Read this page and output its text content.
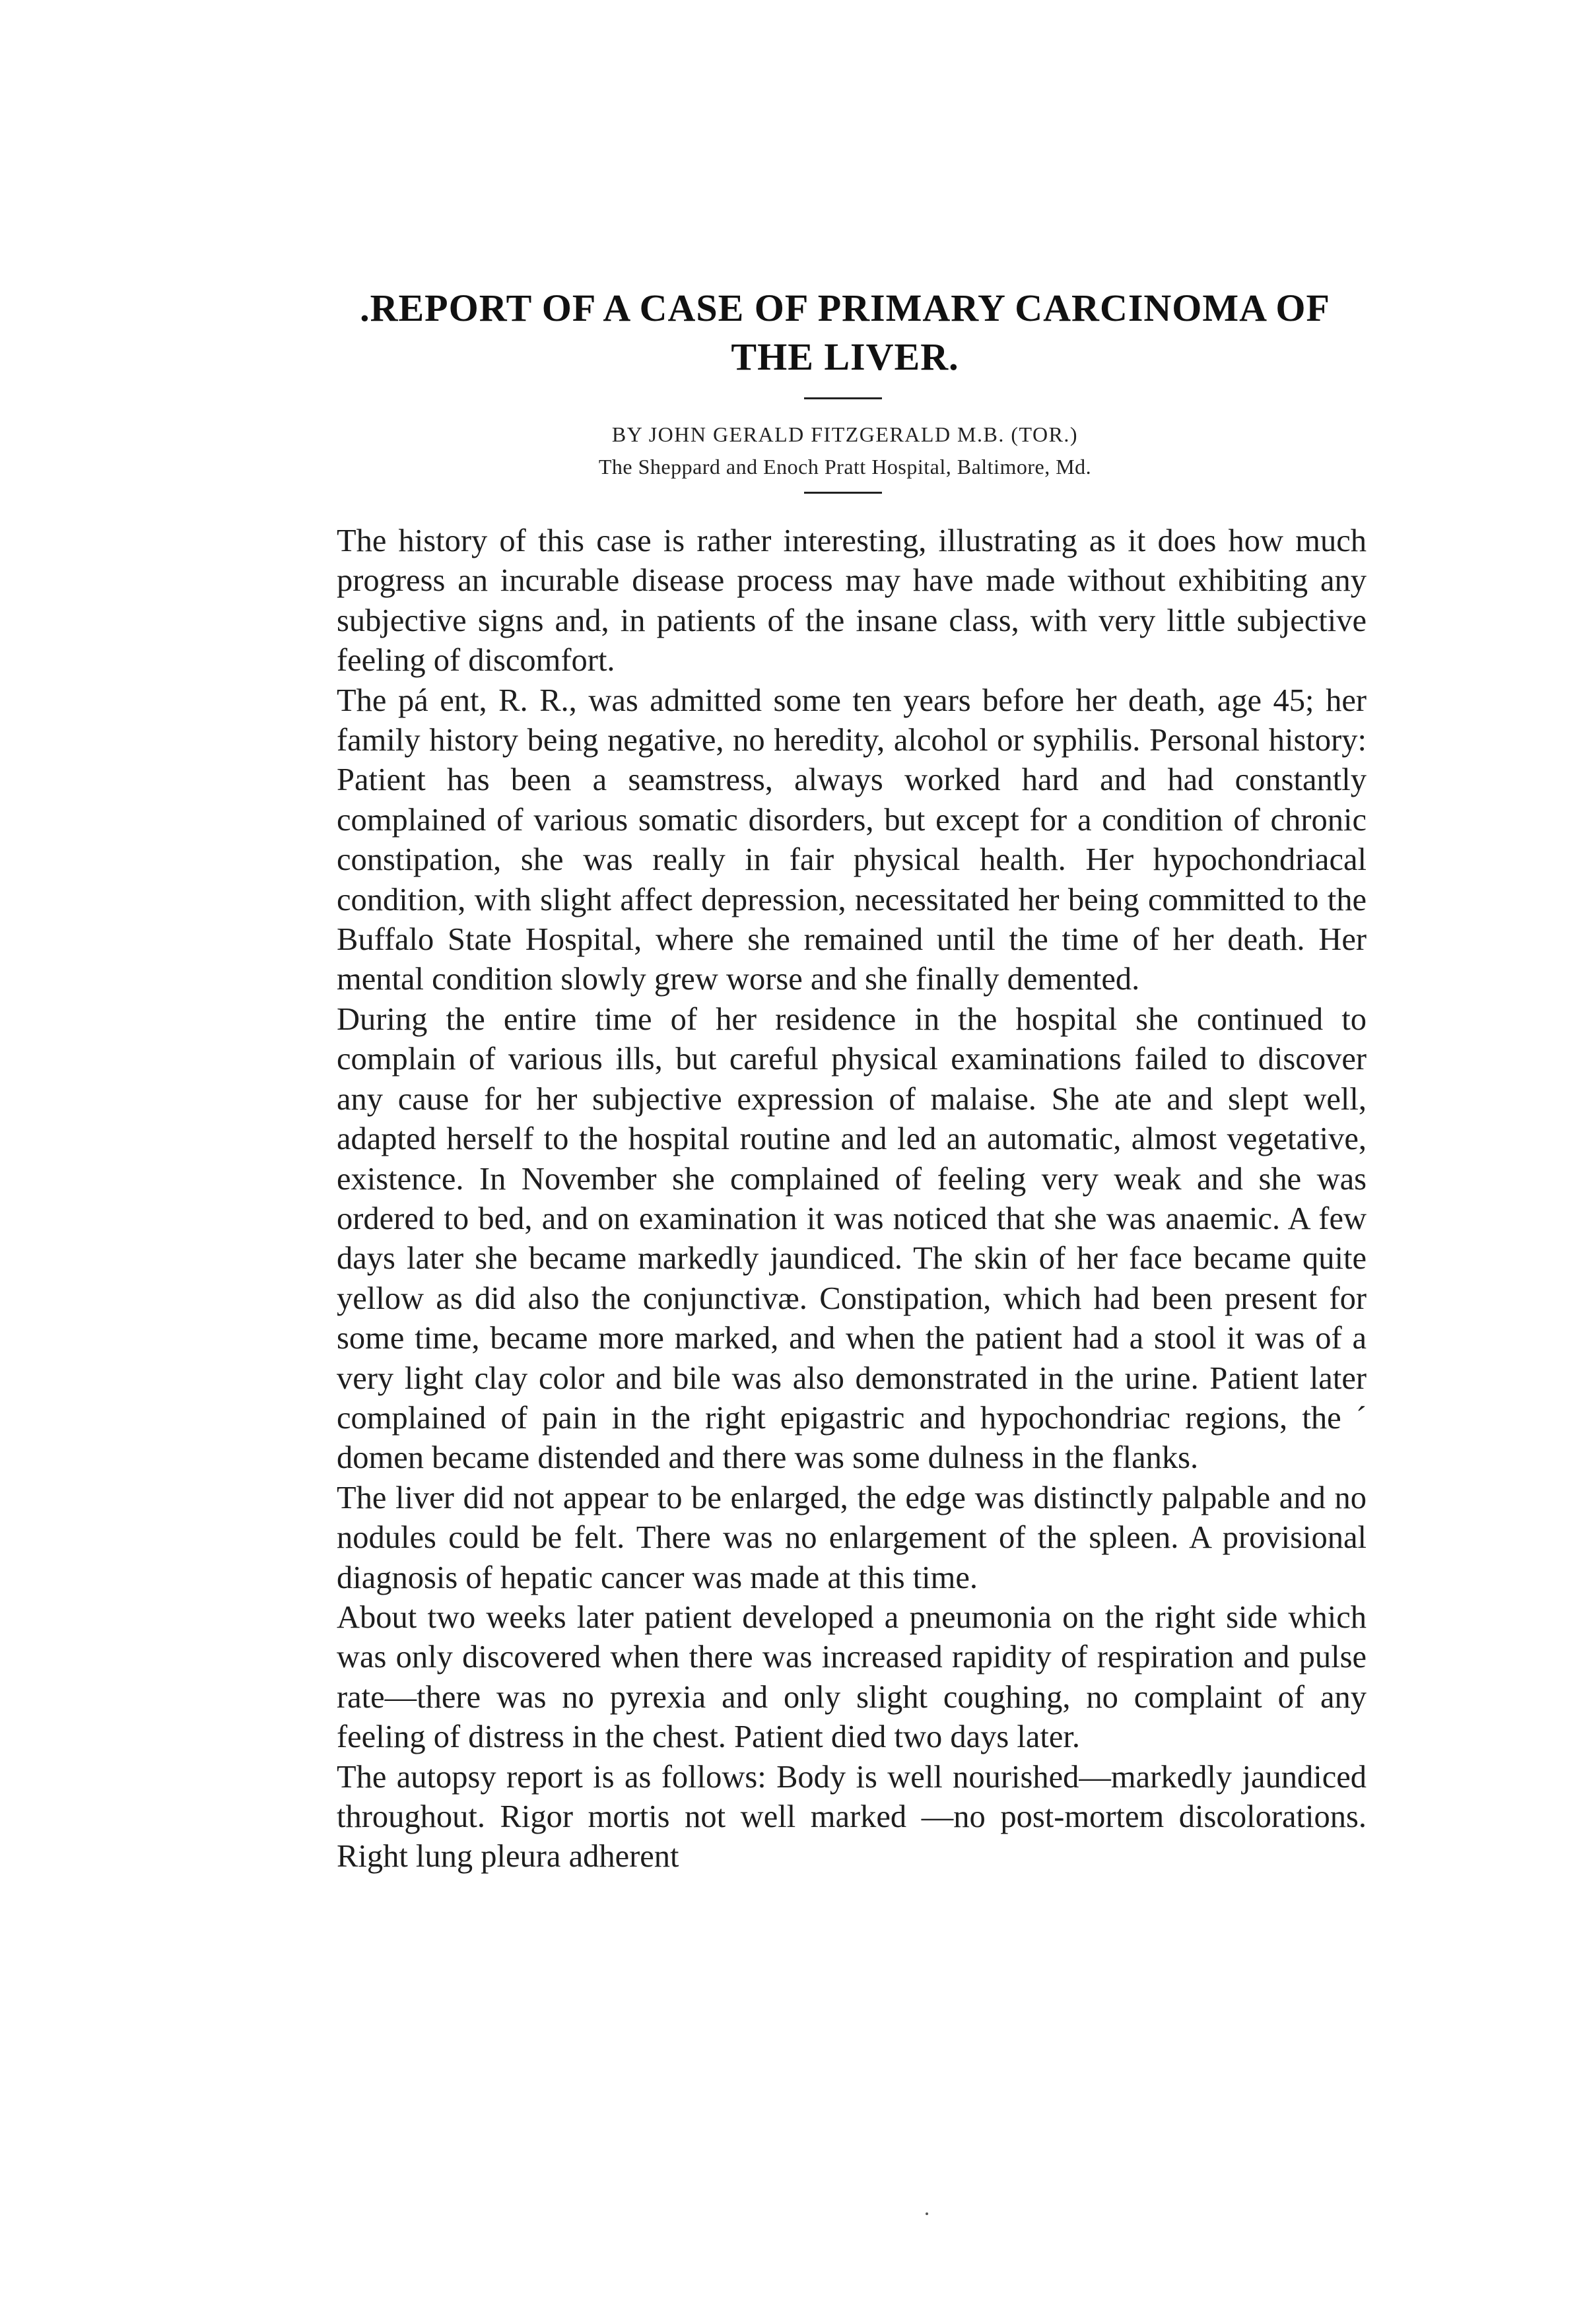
.REPORT OF A CASE OF PRIMARY CARCINOMA OF
THE LIVER.
BY JOHN GERALD FITZGERALD M.B. (TOR.)
The Sheppard and Enoch Pratt Hospital, Baltimore, Md.

The history of this case is rather interesting, illustrating as it does how much progress an incurable disease process may have made without exhibiting any subjective signs and, in patients of the insane class, with very little subjective feeling of discomfort.

The pá ent, R. R., was admitted some ten years before her death, age 45; her family history being negative, no heredity, alcohol or syphilis. Personal history: Patient has been a seamstress, always worked hard and had constantly complained of various somatic disorders, but except for a condition of chronic constipation, she was really in fair physical health. Her hypochondriacal condition, with slight affect depression, necessitated her being committed to the Buffalo State Hospital, where she remained until the time of her death. Her mental condition slowly grew worse and she finally demented.

During the entire time of her residence in the hospital she continued to complain of various ills, but careful physical examinations failed to discover any cause for her subjective expression of malaise. She ate and slept well, adapted herself to the hospital routine and led an automatic, almost vegetative, existence. In November she complained of feeling very weak and she was ordered to bed, and on examination it was noticed that she was anaemic. A few days later she became markedly jaundiced. The skin of her face became quite yellow as did also the conjunctivæ. Constipation, which had been present for some time, became more marked, and when the patient had a stool it was of a very light clay color and bile was also demonstrated in the urine. Patient later complained of pain in the right epigastric and hypochondriac regions, the ´ domen became distended and there was some dulness in the flanks.

The liver did not appear to be enlarged, the edge was distinctly palpable and no nodules could be felt. There was no enlargement of the spleen. A provisional diagnosis of hepatic cancer was made at this time.

About two weeks later patient developed a pneumonia on the right side which was only discovered when there was increased rapidity of respiration and pulse rate—there was no pyrexia and only slight coughing, no complaint of any feeling of distress in the chest. Patient died two days later.

The autopsy report is as follows: Body is well nourished—markedly jaundiced throughout. Rigor mortis not well marked —no post-mortem discolorations. Right lung pleura adherent
